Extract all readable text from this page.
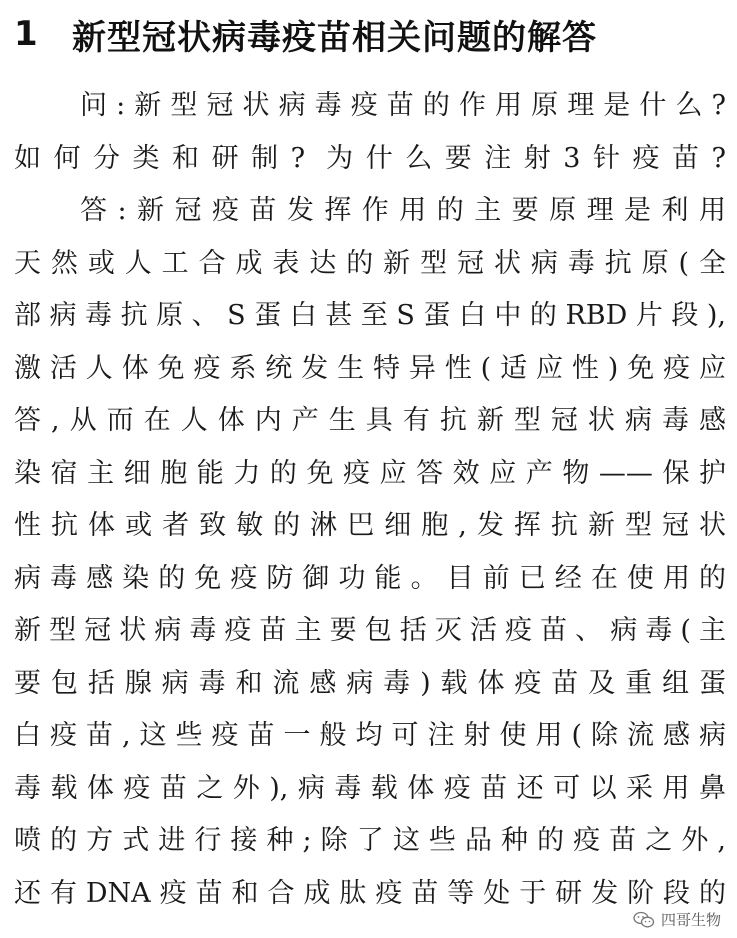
1	新型冠状病毒疫苗相关问题的解答
问:新型冠状病毒疫苗的作用原理是什么?
如何分类和研制? 为什么要注射3针疫苗?
答:新冠疫苗发挥作用的主要原理是利用
天然或人工合成表达的新型冠状病毒抗原(全
部病毒抗原、S蛋白甚至S蛋白中的RBD片段),
激活人体免疫系统发生特异性(适应性)免疫应
答,从而在人体内产生具有抗新型冠状病毒感
染宿主细胞能力的免疫应答效应产物——保护
性抗体或者致敏的淋巴细胞,发挥抗新型冠状
病毒感染的免疫防御功能。目前已经在使用的
新型冠状病毒疫苗主要包括灭活疫苗、病毒(主
要包括腺病毒和流感病毒)载体疫苗及重组蛋
白疫苗,这些疫苗一般均可注射使用(除流感病
毒载体疫苗之外),病毒载体疫苗还可以采用鼻
喷的方式进行接种;除了这些品种的疫苗之外,
还有DNA疫苗和合成肽疫苗等处于研发阶段的
四哥生物
